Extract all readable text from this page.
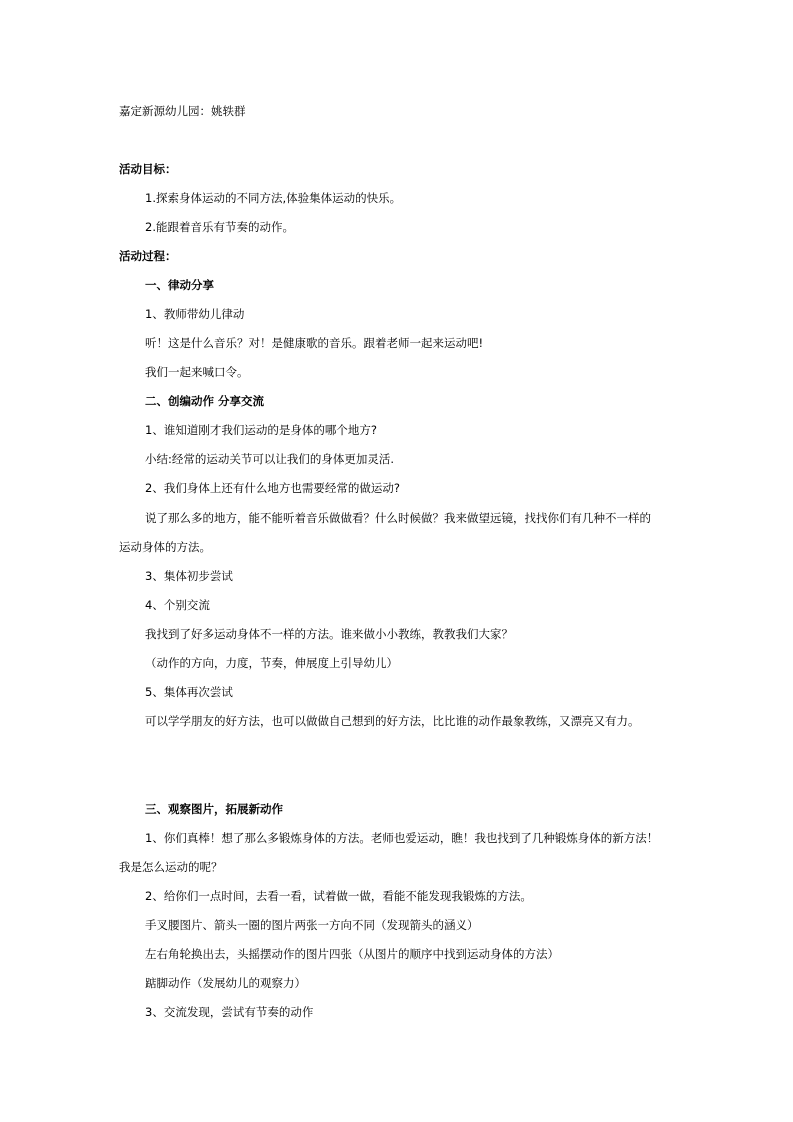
嘉定新源幼儿园：姚轶群
活动目标：
1.探索身体运动的不同方法,体验集体运动的快乐。
2.能跟着音乐有节奏的动作。
活动过程：
一、律动分享
1、教师带幼儿律动
听！这是什么音乐？对！是健康歌的音乐。跟着老师一起来运动吧!
我们一起来喊口令。
二、创编动作 分享交流
1、谁知道刚才我们运动的是身体的哪个地方?
小结:经常的运动关节可以让我们的身体更加灵活.
2、我们身体上还有什么地方也需要经常的做运动?
说了那么多的地方，能不能听着音乐做做看？什么时候做？我来做望远镜，找找你们有几种不一样的
运动身体的方法。
3、集体初步尝试
4、个别交流
我找到了好多运动身体不一样的方法。谁来做小小教练，教教我们大家？
（动作的方向，力度，节奏，伸展度上引导幼儿）
5、集体再次尝试
可以学学朋友的好方法，也可以做做自己想到的好方法，比比谁的动作最象教练，又漂亮又有力。
三、观察图片，拓展新动作
1、你们真棒！想了那么多锻炼身体的方法。老师也爱运动，瞧！我也找到了几种锻炼身体的新方法！
我是怎么运动的呢？
2、给你们一点时间，去看一看，试着做一做，看能不能发现我锻炼的方法。
手叉腰图片、箭头一圈的图片两张一方向不同（发现箭头的涵义）
左右角轮换出去，头摇摆动作的图片四张（从图片的顺序中找到运动身体的方法）
踮脚动作（发展幼儿的观察力）
3、交流发现，尝试有节奏的动作
